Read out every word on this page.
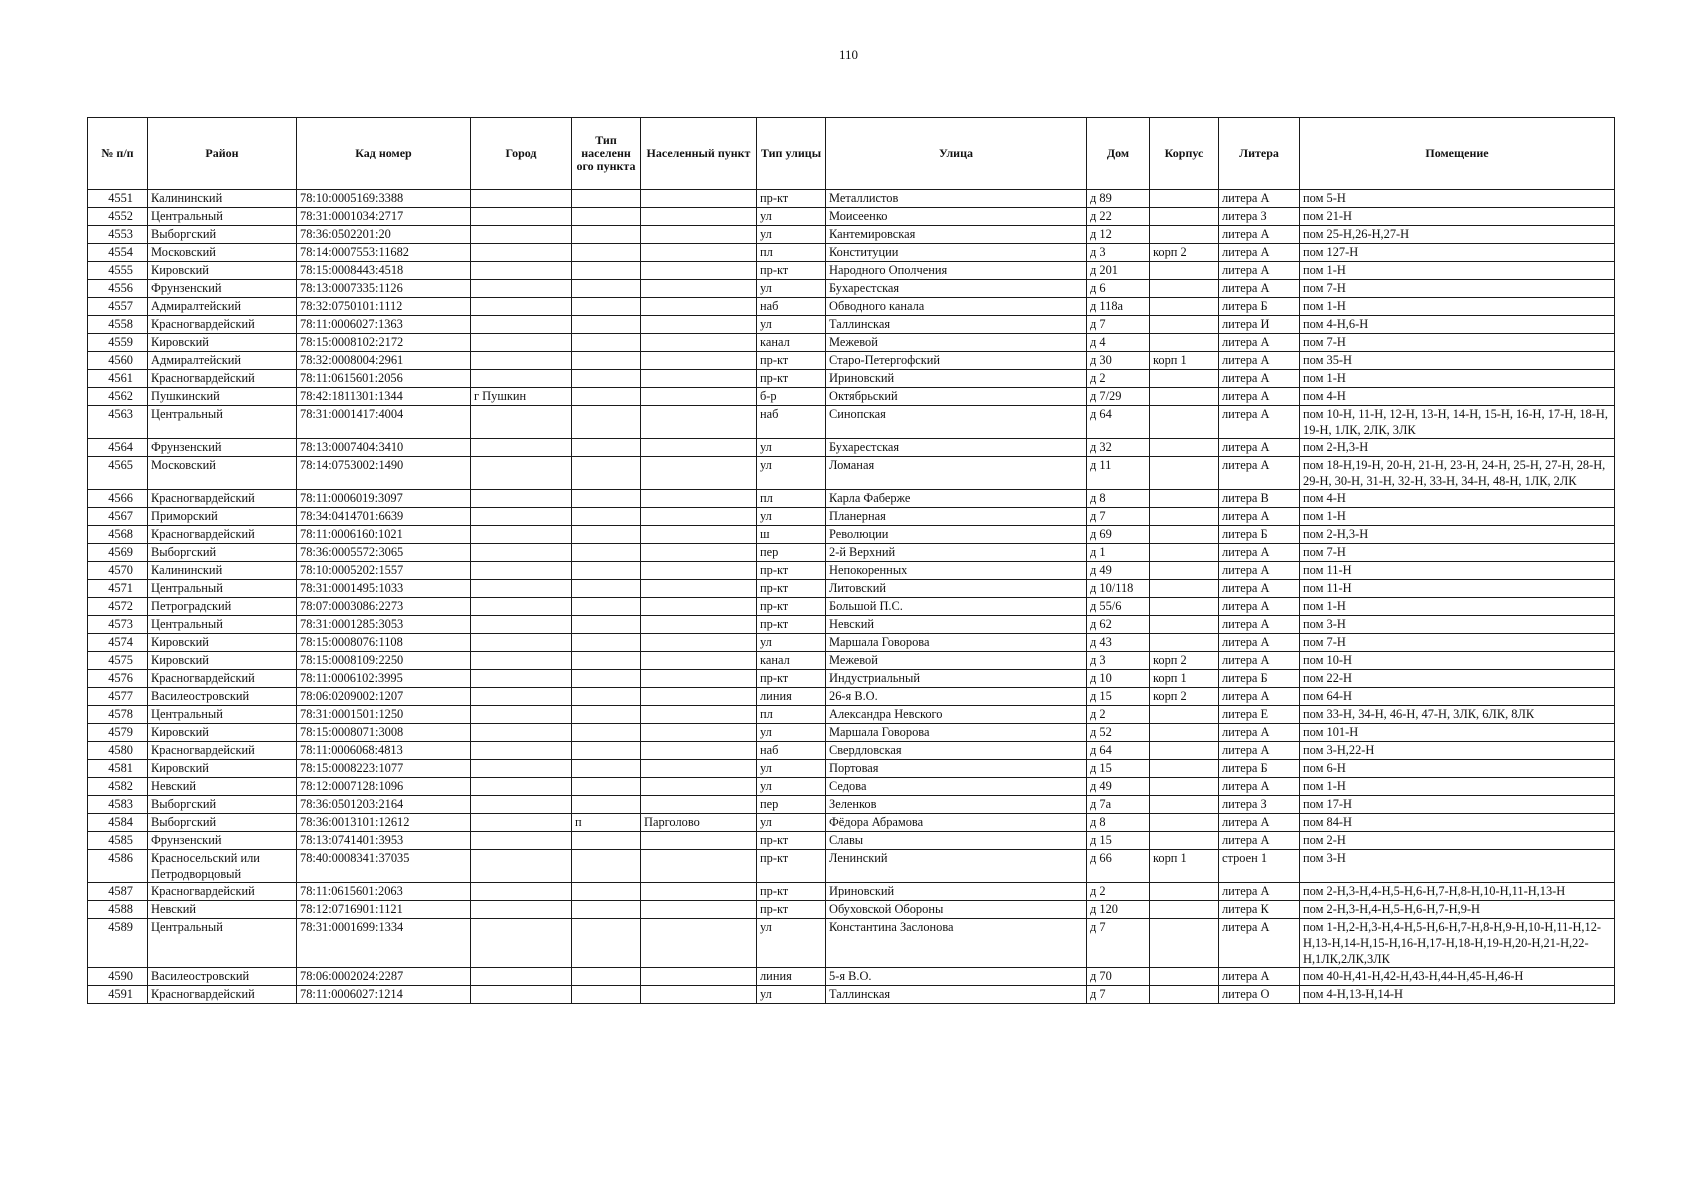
110
№ п/п	Район	Кад номер	Город	Тип населенн ого пункта	Населенный пункт	Тип улицы	Улица	Дом	Корпус	Литера	Помещение
4551	Калининский	78:10:0005169:3388				пр-кт	Металлистов	д 89		литера А	пом 5-Н
4552	Центральный	78:31:0001034:2717				ул	Моисеенко	д 22		литера З	пом 21-Н
4553	Выборгский	78:36:0502201:20				ул	Кантемировская	д 12		литера А	пом 25-Н,26-Н,27-Н
4554	Московский	78:14:0007553:11682				пл	Конституции	д 3	корп 2	литера А	пом 127-Н
4555	Кировский	78:15:0008443:4518				пр-кт	Народного Ополчения	д 201		литера А	пом 1-Н
4556	Фрунзенский	78:13:0007335:1126				ул	Бухарестская	д 6		литера А	пом 7-Н
4557	Адмиралтейский	78:32:0750101:1112				наб	Обводного канала	д 118а		литера Б	пом 1-Н
4558	Красногвардейский	78:11:0006027:1363				ул	Таллинская	д 7		литера И	пом 4-Н,6-Н
4559	Кировский	78:15:0008102:2172				канал	Межевой	д 4		литера А	пом 7-Н
4560	Адмиралтейский	78:32:0008004:2961				пр-кт	Старо-Петергофский	д 30	корп 1	литера А	пом 35-Н
4561	Красногвардейский	78:11:0615601:2056				пр-кт	Ириновский	д 2		литера А	пом 1-Н
4562	Пушкинский	78:42:1811301:1344	г Пушкин			б-р	Октябрьский	д 7/29		литера А	пом 4-Н
4563	Центральный	78:31:0001417:4004				наб	Синопская	д 64		литера А	пом 10-Н, 11-Н, 12-Н, 13-Н, 14-Н, 15-Н, 16-Н, 17-Н, 18-Н, 19-Н, 1ЛК, 2ЛК, 3ЛК
4564	Фрунзенский	78:13:0007404:3410				ул	Бухарестская	д 32		литера А	пом 2-Н,3-Н
4565	Московский	78:14:0753002:1490				ул	Ломаная	д 11		литера А	пом 18-Н,19-Н, 20-Н, 21-Н, 23-Н, 24-Н, 25-Н, 27-Н, 28-Н, 29-Н, 30-Н, 31-Н, 32-Н, 33-Н, 34-Н, 48-Н, 1ЛК, 2ЛК
4566	Красногвардейский	78:11:0006019:3097				пл	Карла Фаберже	д 8		литера В	пом 4-Н
4567	Приморский	78:34:0414701:6639				ул	Планерная	д 7		литера А	пом 1-Н
4568	Красногвардейский	78:11:0006160:1021				ш	Революции	д 69		литера Б	пом 2-Н,3-Н
4569	Выборгский	78:36:0005572:3065				пер	2-й Верхний	д 1		литера А	пом 7-Н
4570	Калининский	78:10:0005202:1557				пр-кт	Непокоренных	д 49		литера А	пом 11-Н
4571	Центральный	78:31:0001495:1033				пр-кт	Литовский	д 10/118		литера А	пом 11-Н
4572	Петроградский	78:07:0003086:2273				пр-кт	Большой П.С.	д 55/6		литера А	пом 1-Н
4573	Центральный	78:31:0001285:3053				пр-кт	Невский	д 62		литера А	пом 3-Н
4574	Кировский	78:15:0008076:1108				ул	Маршала Говорова	д 43		литера А	пом 7-Н
4575	Кировский	78:15:0008109:2250				канал	Межевой	д 3	корп 2	литера А	пом 10-Н
4576	Красногвардейский	78:11:0006102:3995				пр-кт	Индустриальный	д 10	корп 1	литера Б	пом 22-Н
4577	Василеостровский	78:06:0209002:1207				линия	26-я В.О.	д 15	корп 2	литера А	пом 64-Н
4578	Центральный	78:31:0001501:1250				пл	Александра Невского	д 2		литера Е	пом 33-Н, 34-Н, 46-Н, 47-Н, 3ЛК, 6ЛК, 8ЛК
4579	Кировский	78:15:0008071:3008				ул	Маршала Говорова	д 52		литера А	пом 101-Н
4580	Красногвардейский	78:11:0006068:4813				наб	Свердловская	д 64		литера А	пом 3-Н,22-Н
4581	Кировский	78:15:0008223:1077				ул	Портовая	д 15		литера Б	пом 6-Н
4582	Невский	78:12:0007128:1096				ул	Седова	д 49		литера А	пом 1-Н
4583	Выборгский	78:36:0501203:2164				пер	Зеленков	д 7а		литера З	пом 17-Н
4584	Выборгский	78:36:0013101:12612		п	Парголово	ул	Фёдора Абрамова	д 8		литера А	пом 84-Н
4585	Фрунзенский	78:13:0741401:3953				пр-кт	Славы	д 15		литера А	пом 2-Н
4586	Красносельский или Петродворцовый	78:40:0008341:37035				пр-кт	Ленинский	д 66	корп 1	строен 1	пом 3-Н
4587	Красногвардейский	78:11:0615601:2063				пр-кт	Ириновский	д 2		литера А	пом 2-Н,3-Н,4-Н,5-Н,6-Н,7-Н,8-Н,10-Н,11-Н,13-Н
4588	Невский	78:12:0716901:1121				пр-кт	Обуховской Обороны	д 120		литера К	пом 2-Н,3-Н,4-Н,5-Н,6-Н,7-Н,9-Н
4589	Центральный	78:31:0001699:1334				ул	Константина Заслонова	д 7		литера А	пом 1-Н,2-Н,3-Н,4-Н,5-Н,6-Н,7-Н,8-Н,9-Н,10-Н,11-Н,12-Н,13-Н,14-Н,15-Н,16-Н,17-Н,18-Н,19-Н,20-Н,21-Н,22-Н,1ЛК,2ЛК,3ЛК
4590	Василеостровский	78:06:0002024:2287				линия	5-я В.О.	д 70		литера А	пом 40-Н,41-Н,42-Н,43-Н,44-Н,45-Н,46-Н
4591	Красногвардейский	78:11:0006027:1214				ул	Таллинская	д 7		литера О	пом 4-Н,13-Н,14-Н
